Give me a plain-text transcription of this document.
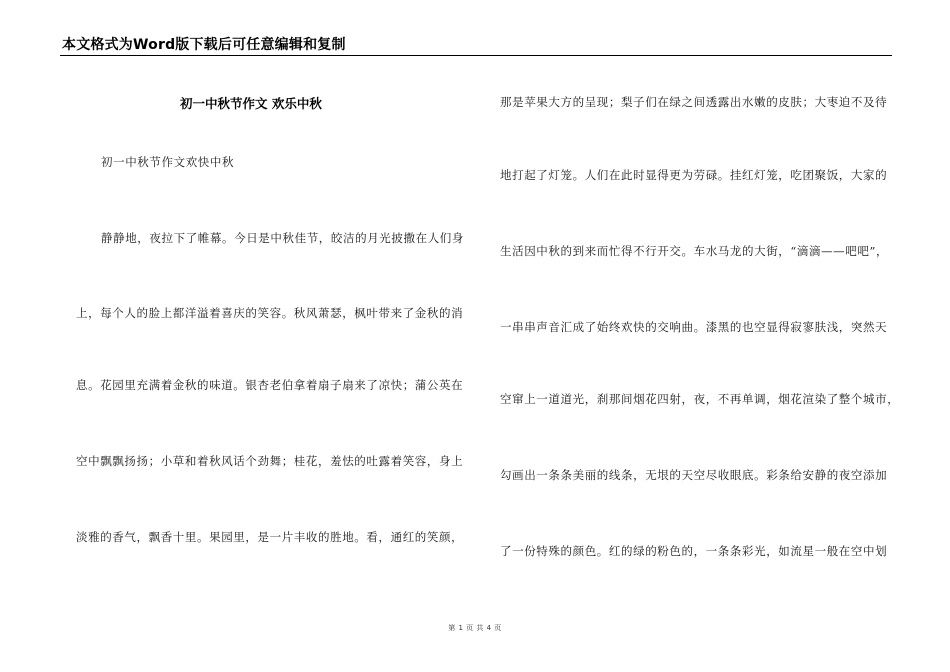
本文格式为Word版下载后可任意编辑和复制
初一中秋节作文 欢乐中秋
初一中秋节作文欢快中秋
静静地，夜拉下了帷幕。今日是中秋佳节，皎洁的月光披撒在人们身
上，每个人的脸上都洋溢着喜庆的笑容。秋风萧瑟，枫叶带来了金秋的消
息。花园里充满着金秋的味道。银杏老伯拿着扇子扇来了凉快；蒲公英在
空中飘飘扬扬；小草和着秋风话个劲舞；桂花，羞怯的吐露着笑容，身上
淡雅的香气，飘香十里。果园里，是一片丰收的胜地。看，通红的笑颜，
那是苹果大方的呈现；梨子们在绿之间透露出水嫩的皮肤；大枣迫不及待
地打起了灯笼。人们在此时显得更为劳碌。挂红灯笼，吃团聚饭，大家的
生活因中秋的到来而忙得不行开交。车水马龙的大街，“滴滴——吧吧”，
一串串声音汇成了始终欢快的交响曲。漆黑的也空显得寂寥肤浅，突然天
空窜上一道道光，刹那间烟花四射，夜，不再单调，烟花渲染了整个城市，
勾画出一条条美丽的线条，无垠的天空尽收眼底。彩条给安静的夜空添加
了一份特殊的颜色。红的绿的粉色的，一条条彩光，如流星一般在空中划
第 1 页 共 4 页
